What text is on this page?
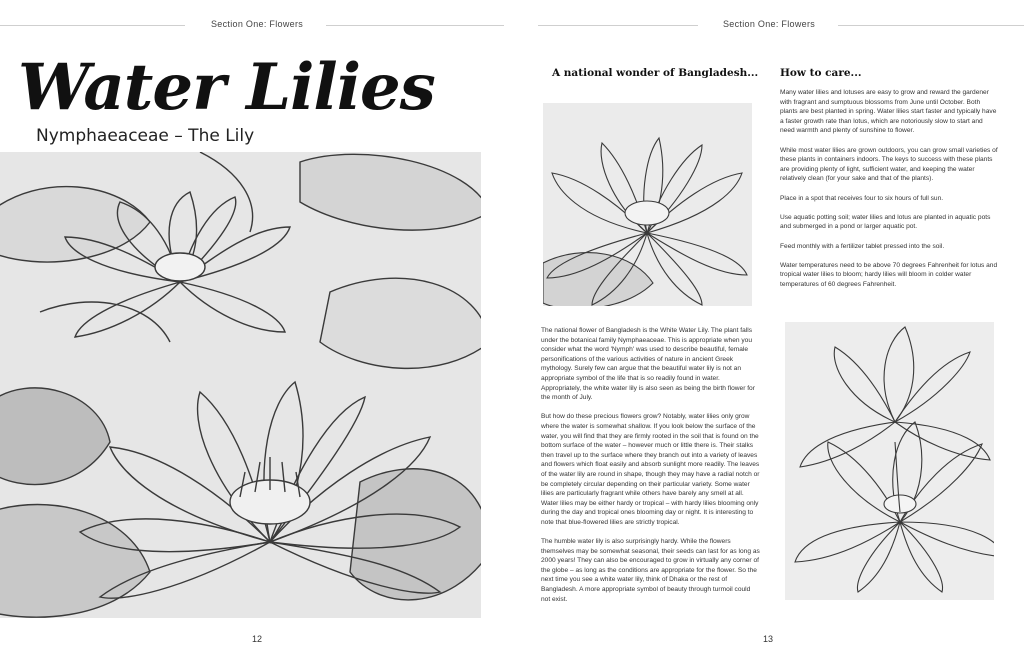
Section One: Flowers	Section One: Flowers
Water Lilies
Nymphaeaceae – The Lily
12
A national wonder of Bangladesh... How to care...

Many water lilies and lotuses are easy to grow and reward the gardener with fragrant and sumptuous blossoms from June until October. Both plants are best planted in spring. Water lilies start faster and typically have a faster growth rate than lotus, which are notoriously slow to start and need warmth and plenty of sunshine to flower.

While most water lilies are grown outdoors, you can grow small varieties of these plants in containers indoors. The keys to success with these plants are providing plenty of light, sufficient water, and keeping the water relatively clean (for your sake and that of the plants).

Place in a spot that receives four to six hours of full sun.

Use aquatic potting soil; water lilies and lotus are planted in aquatic pots and submerged in a pond or larger aquatic pot.

Feed monthly with a fertilizer tablet pressed into the soil.

Water temperatures need to be above 70 degrees Fahrenheit for lotus and tropical water lilies to bloom; hardy lilies will bloom in colder water temperatures of 60 degrees Fahrenheit.

The national flower of Bangladesh is the White Water Lily. The plant falls under the botanical family Nymphaeaceae. This is appropriate when you consider what the word 'Nymph' was used to describe beautiful, female personifications of the various activities of nature in ancient Greek mythology. Surely few can argue that the beautiful water lily is not an appropriate symbol of the life that is so readily found in water. Appropriately, the white water lily is also seen as being the birth flower for the month of July.

But how do these precious flowers grow? Notably, water lilies only grow where the water is somewhat shallow. If you look below the surface of the water, you will find that they are firmly rooted in the soil that is found on the bottom surface of the water – however much or little there is. Their stalks then travel up to the surface where they branch out into a variety of leaves and flowers which float easily and absorb sunlight more readily. The leaves of the water lily are round in shape, though they may have a radial notch or be completely circular depending on their particular variety. Some water lilies are particularly fragrant while others have barely any smell at all. Water lilies may be either hardy or tropical – with hardy lilies blooming only during the day and tropical ones blooming day or night. It is interesting to note that blue-flowered lilies are strictly tropical.

The humble water lily is also surprisingly hardy. While the flowers themselves may be somewhat seasonal, their seeds can last for as long as 2000 years! They can also be encouraged to grow in virtually any corner of the globe – as long as the conditions are appropriate for the flower. So the next time you see a white water lily, think of Dhaka or the rest of Bangladesh. A more appropriate symbol of beauty through turmoil could not exist.

13
